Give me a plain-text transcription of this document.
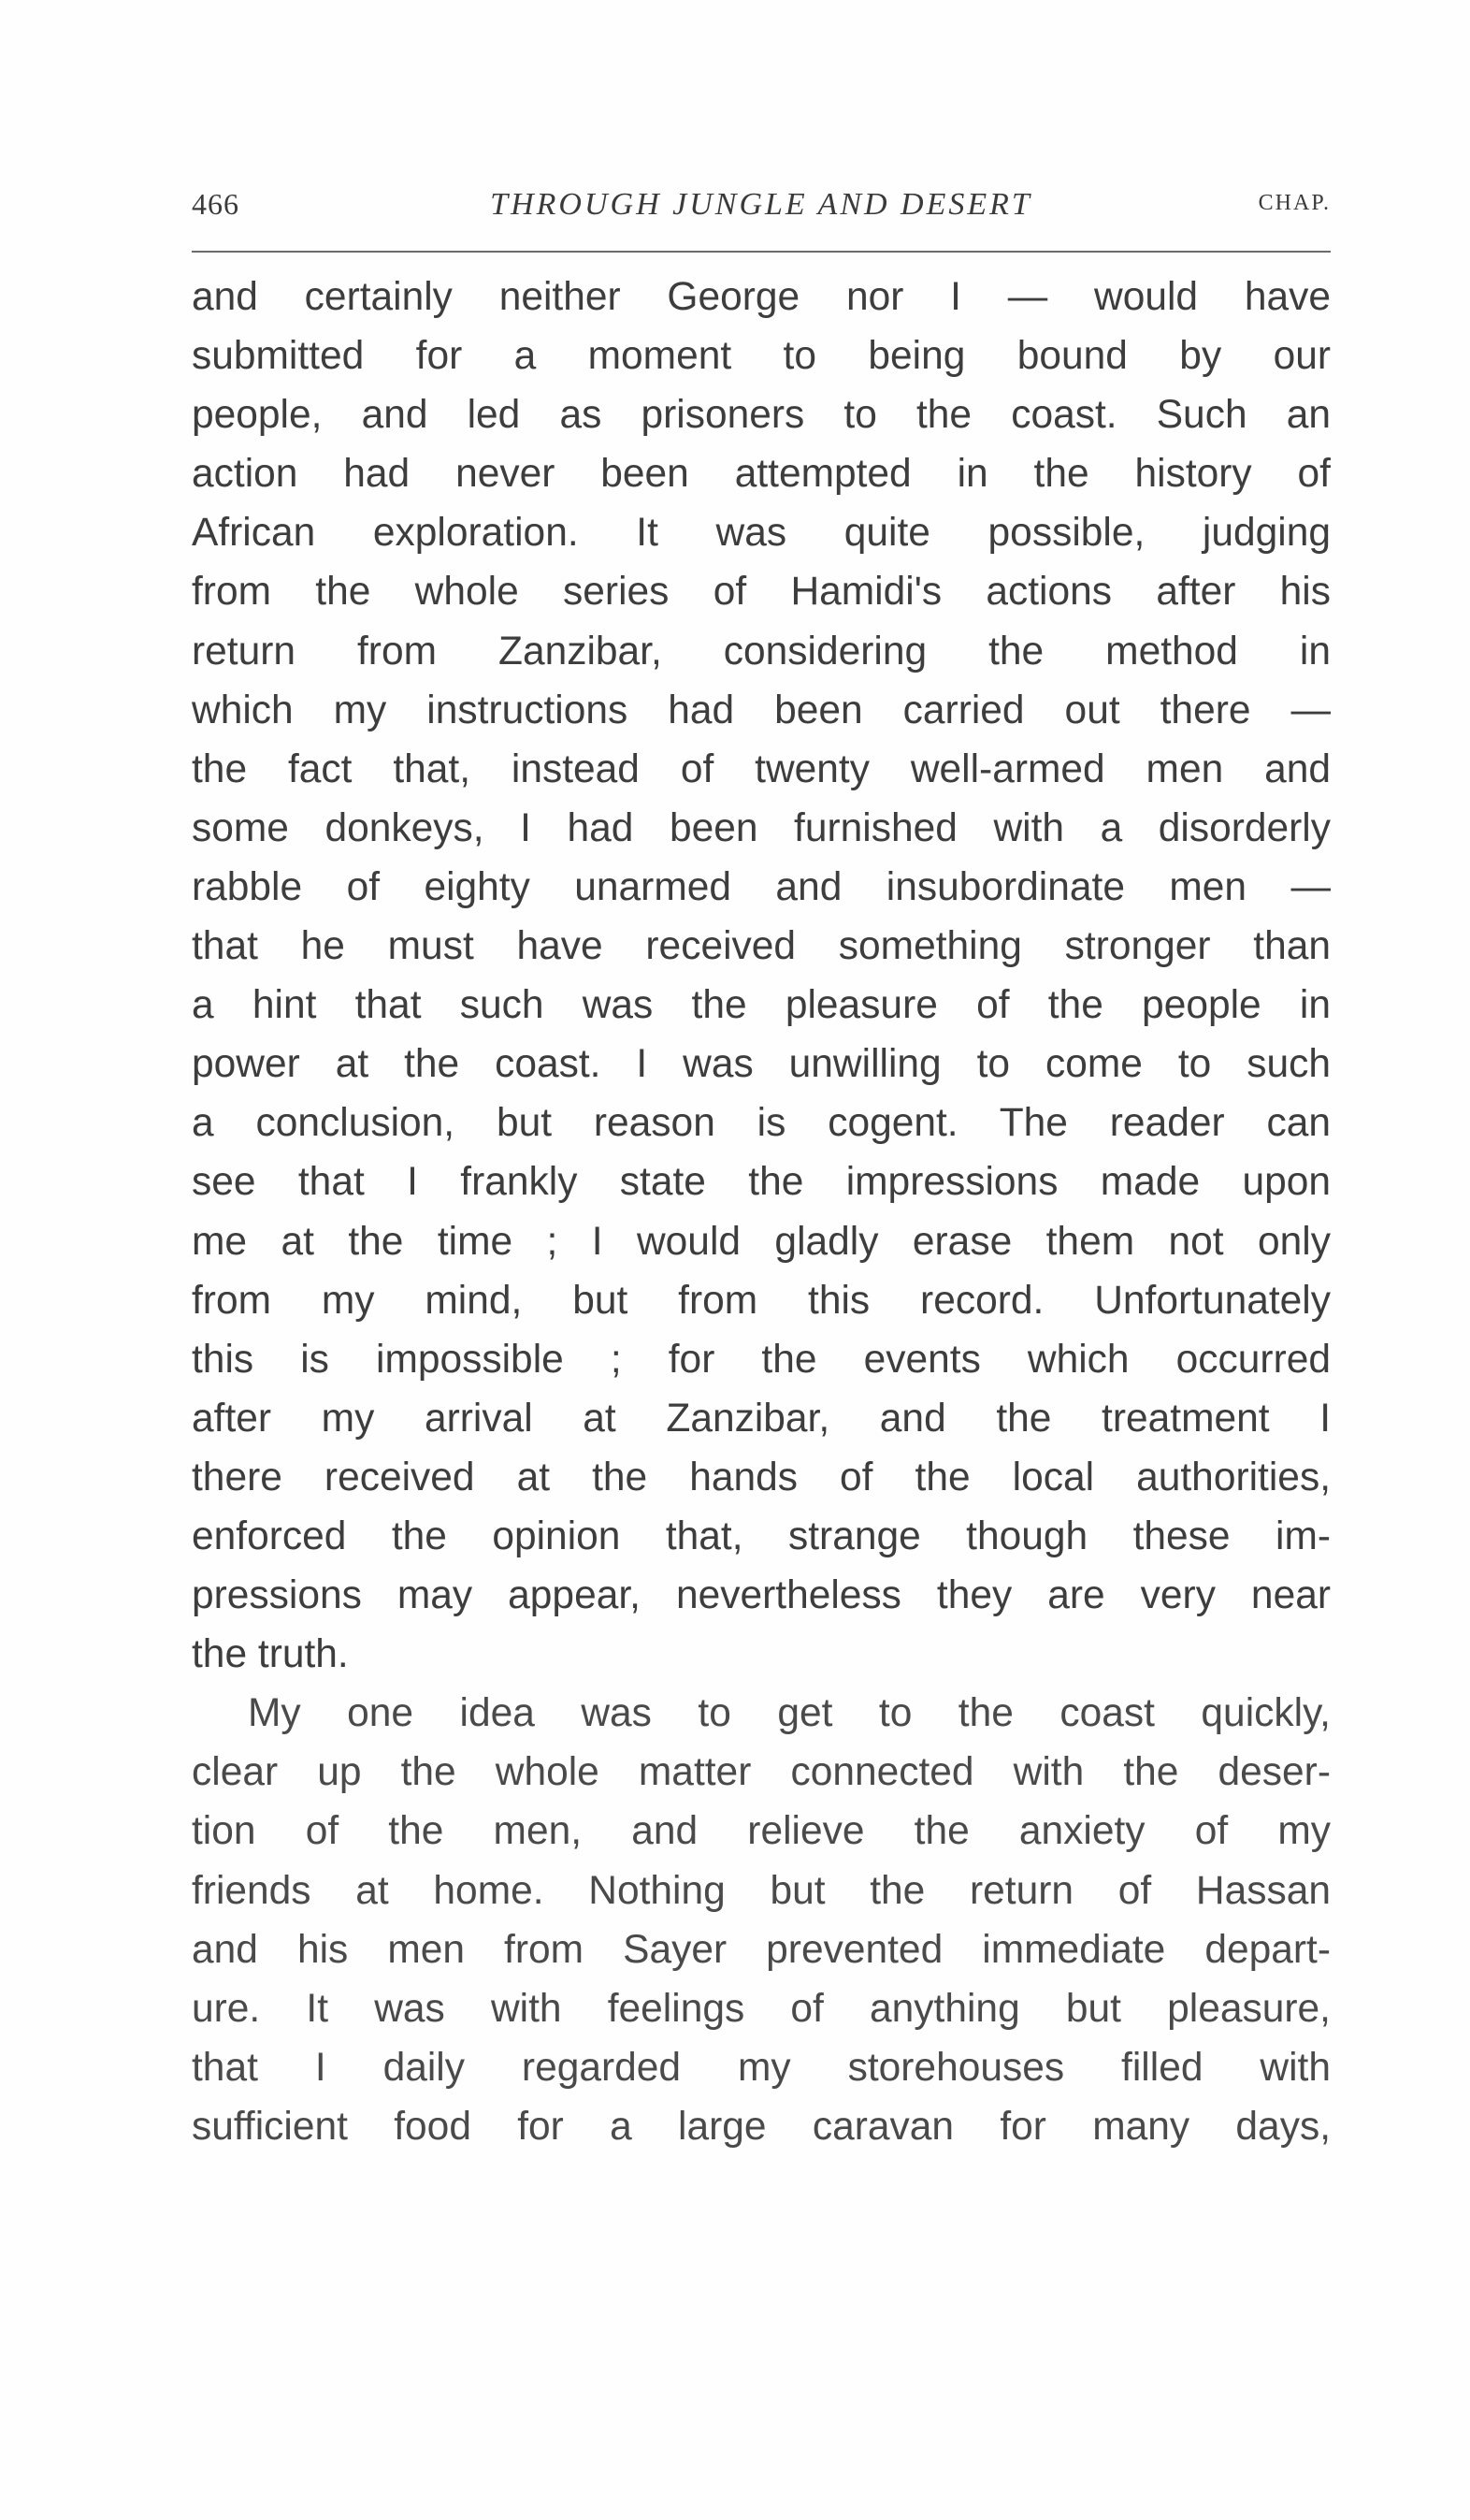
466	THROUGH JUNGLE AND DESERT	CHAP.
and certainly neither George nor I — would have
submitted for a moment to being bound by our
people, and led as prisoners to the coast. Such an
action had never been attempted in the history of
African exploration. It was quite possible, judging
from the whole series of Hamidi's actions after his
return from Zanzibar, considering the method in
which my instructions had been carried out there —
the fact that, instead of twenty well-armed men and
some donkeys, I had been furnished with a disorderly
rabble of eighty unarmed and insubordinate men —
that he must have received something stronger than
a hint that such was the pleasure of the people in
power at the coast. I was unwilling to come to such
a conclusion, but reason is cogent. The reader can
see that I frankly state the impressions made upon
me at the time ; I would gladly erase them not only
from my mind, but from this record. Unfortunately
this is impossible ; for the events which occurred
after my arrival at Zanzibar, and the treatment I
there received at the hands of the local authorities,
enforced the opinion that, strange though these im-
pressions may appear, nevertheless they are very near
the truth.
My one idea was to get to the coast quickly,
clear up the whole matter connected with the deser-
tion of the men, and relieve the anxiety of my
friends at home. Nothing but the return of Hassan
and his men from Sayer prevented immediate depart-
ure. It was with feelings of anything but pleasure,
that I daily regarded my storehouses filled with
sufficient food for a large caravan for many days,
